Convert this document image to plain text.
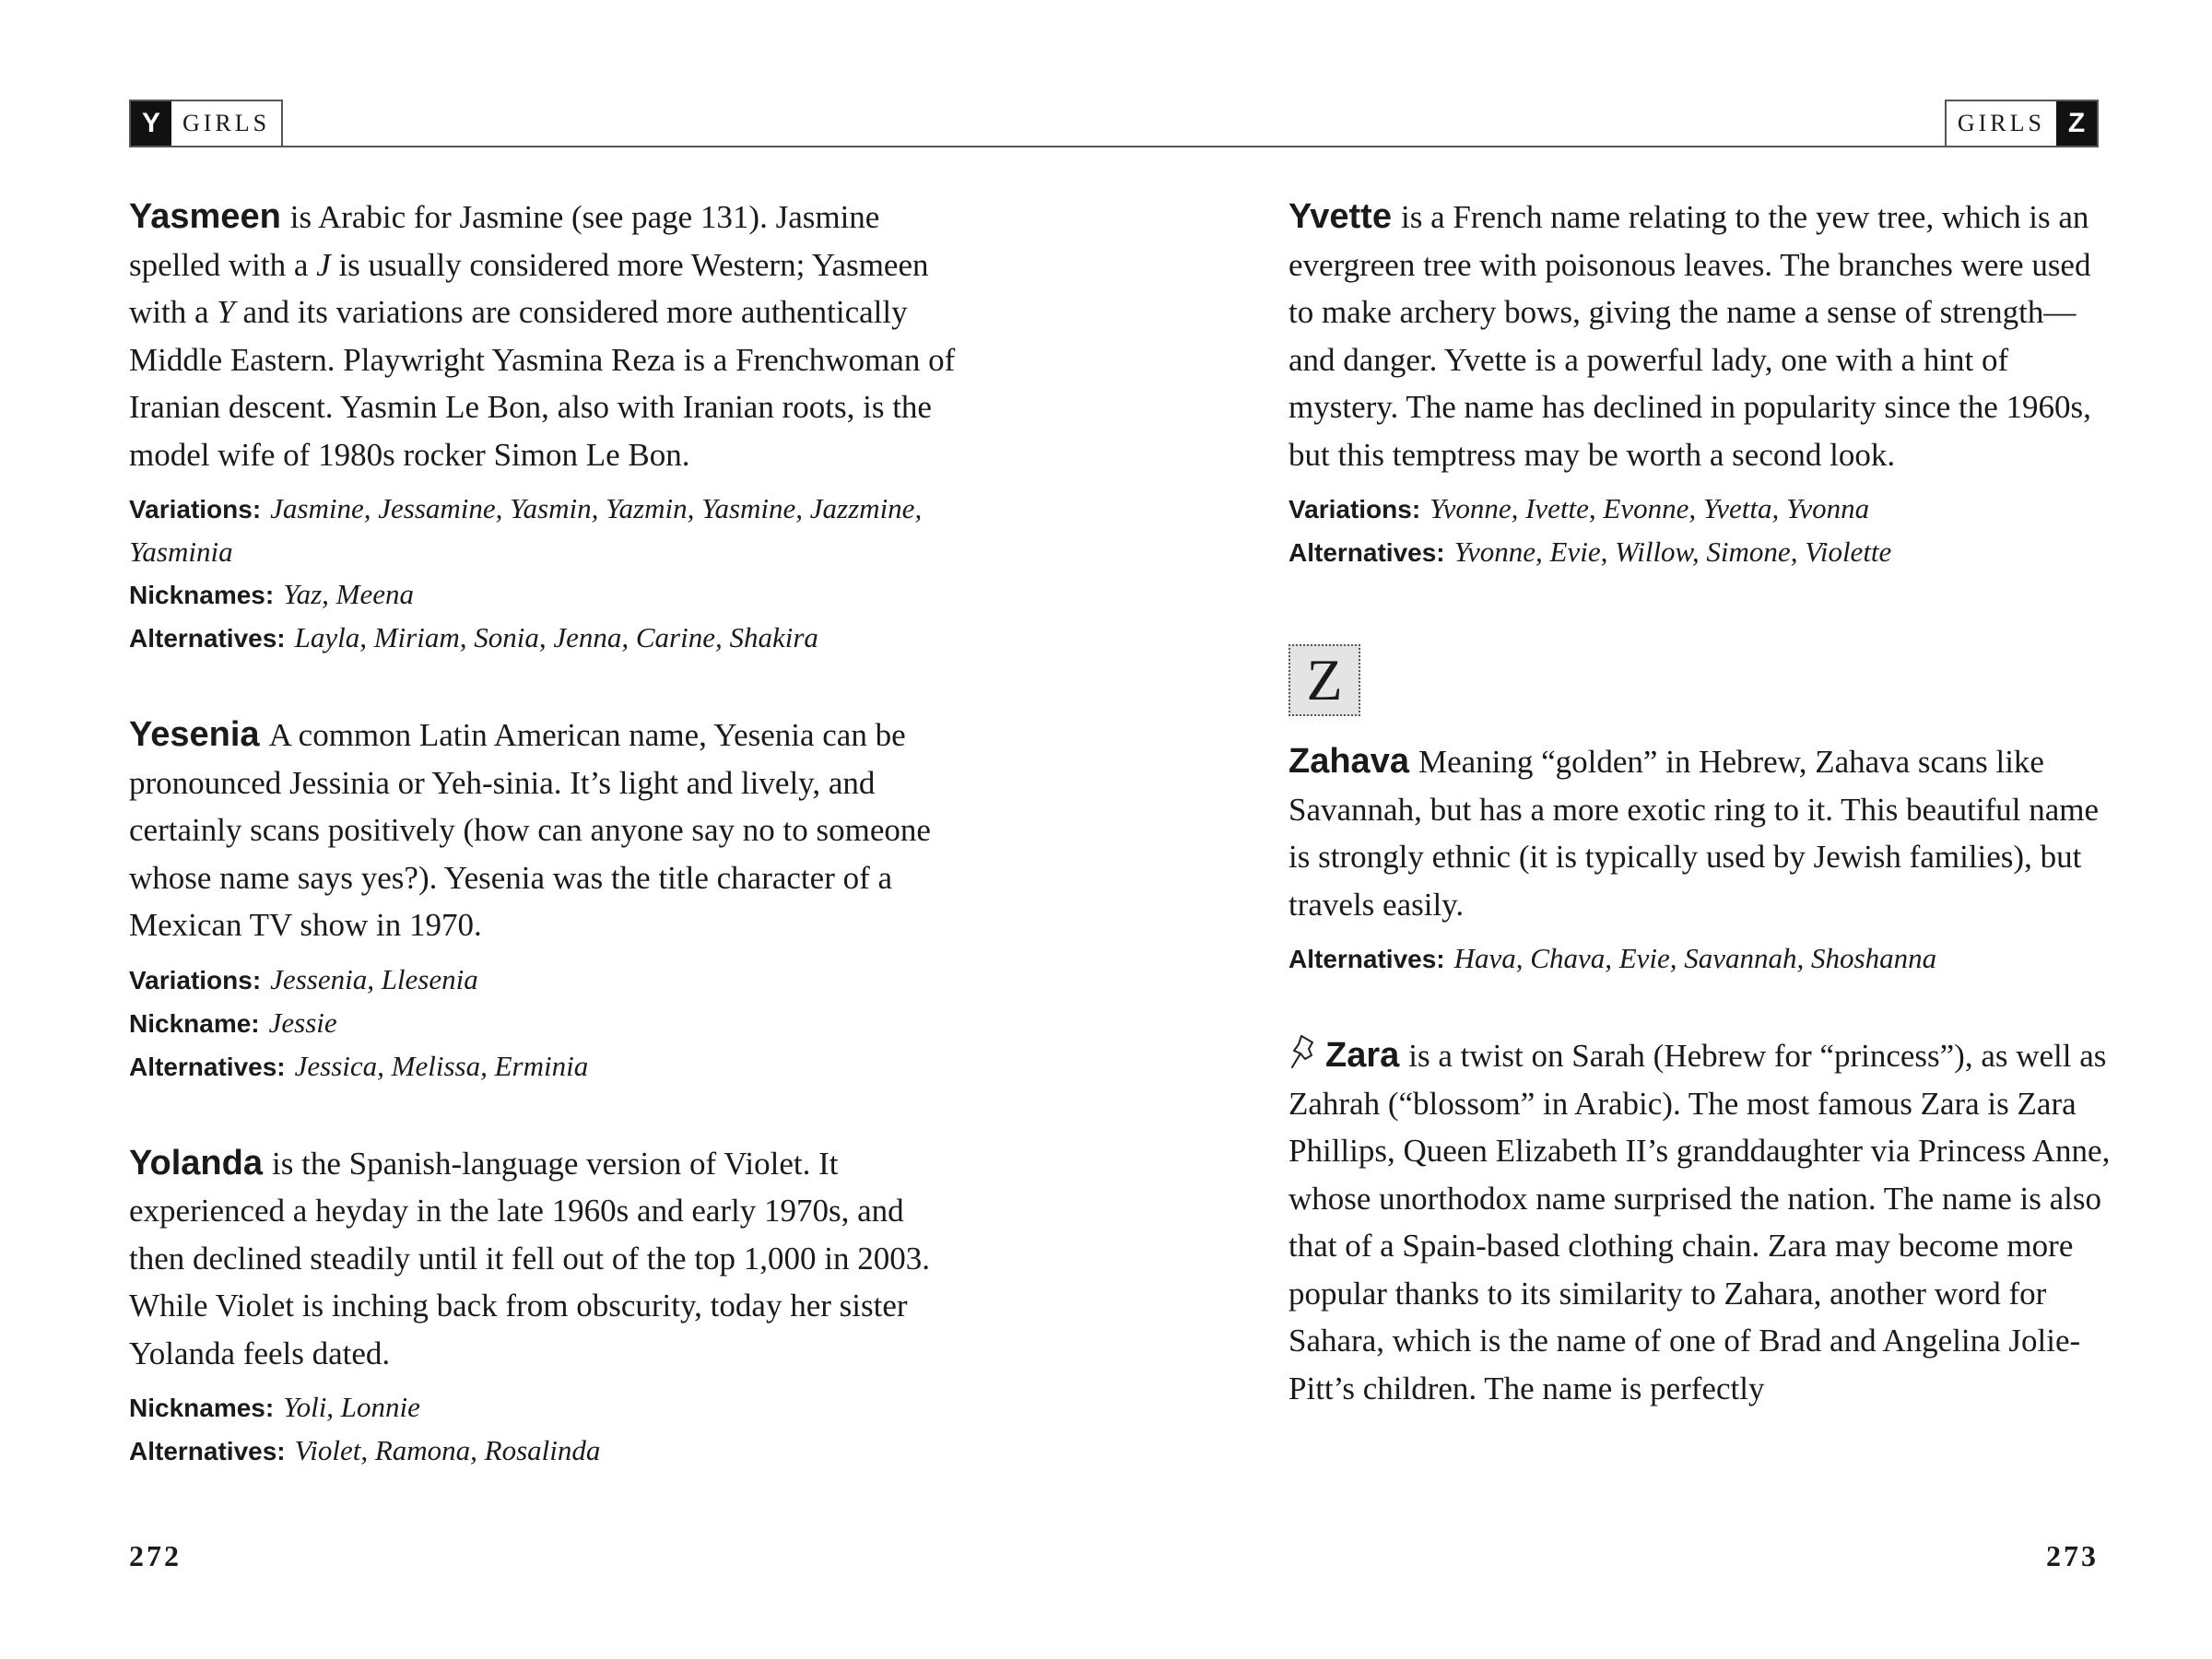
Y GIRLS	GIRLS Z

Yasmeen is Arabic for Jasmine (see page 131). Jasmine spelled with a J is usually considered more Western; Yasmeen with a Y and its variations are considered more authentically Middle Eastern. Playwright Yasmina Reza is a Frenchwoman of Iranian descent. Yasmin Le Bon, also with Iranian roots, is the model wife of 1980s rocker Simon Le Bon.

Variations: Jasmine, Jessamine, Yasmin, Yazmin, Yasmine, Jazzmine, Yasminia
Nicknames: Yaz, Meena
Alternatives: Layla, Miriam, Sonia, Jenna, Carine, Shakira

Yesenia A common Latin American name, Yesenia can be pronounced Jessinia or Yeh-sinia. It’s light and lively, and certainly scans positively (how can anyone say no to someone whose name says yes?). Yesenia was the title character of a Mexican TV show in 1970.

Variations: Jessenia, Llesenia
Nickname: Jessie
Alternatives: Jessica, Melissa, Erminia

Yolanda is the Spanish-language version of Violet. It experienced a heyday in the late 1960s and early 1970s, and then declined steadily until it fell out of the top 1,000 in 2003. While Violet is inching back from obscurity, today her sister Yolanda feels dated.

Nicknames: Yoli, Lonnie
Alternatives: Violet, Ramona, Rosalinda

Yvette is a French name relating to the yew tree, which is an evergreen tree with poisonous leaves. The branches were used to make archery bows, giving the name a sense of strength—and danger. Yvette is a powerful lady, one with a hint of mystery. The name has declined in popularity since the 1960s, but this temptress may be worth a second look.

Variations: Yvonne, Ivette, Evonne, Yvetta, Yvonna
Alternatives: Yvonne, Evie, Willow, Simone, Violette
Z

Zahava Meaning “golden” in Hebrew, Zahava scans like Savannah, but has a more exotic ring to it. This beautiful name is strongly ethnic (it is typically used by Jewish families), but travels easily.

Alternatives: Hava, Chava, Evie, Savannah, Shoshanna

Zara is a twist on Sarah (Hebrew for “princess”), as well as Zahrah (“blossom” in Arabic). The most famous Zara is Zara Phillips, Queen Elizabeth II’s granddaughter via Princess Anne, whose unorthodox name surprised the nation. The name is also that of a Spain-based clothing chain. Zara may become more popular thanks to its similarity to Zahara, another word for Sahara, which is the name of one of Brad and Angelina Jolie-Pitt’s children. The name is perfectly

272	273
